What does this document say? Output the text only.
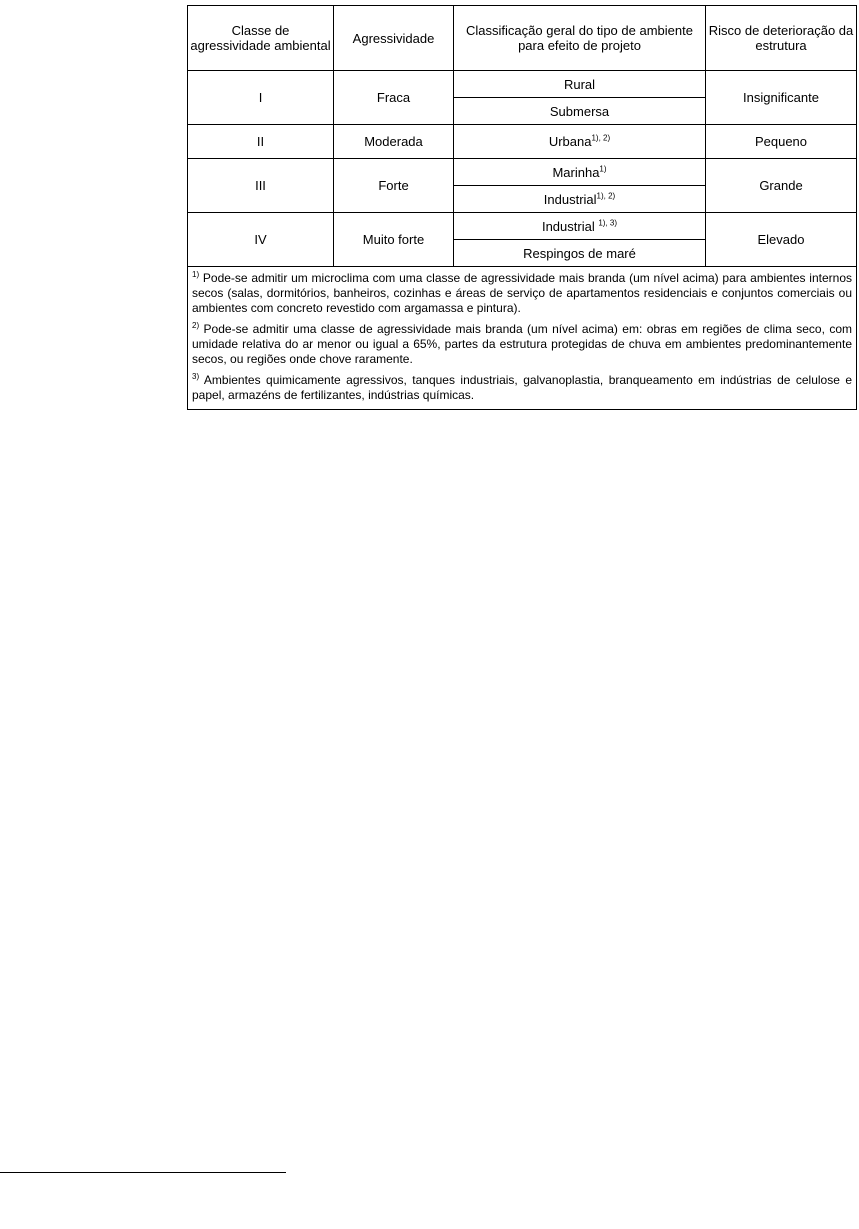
Classe de agressividade ambiental	Agressividade	Classificação geral do tipo de ambiente para efeito de projeto	Risco de deterioração da estrutura
I	Fraca	Rural	Insignificante
		Submersa	
II	Moderada	Urbana$^{1), 2)}$	Pequeno
III	Forte	Marinha$^{1)}$	Grande
		Industrial$^{1), 2)}$
IV	Muito forte	Industrial $^{1), 3)}$	Elevado
		Respingos de maré	

$^{1)}$ Pode-se admitir um microclima com uma classe de agressividade mais branda (um nível acima) para ambientes internos secos (salas, dormitórios, banheiros, cozinhas e áreas de serviço de apartamentos residenciais e conjuntos comerciais ou ambientes com concreto revestido com argamassa e pintura).

$^{2)}$ Pode-se admitir uma classe de agressividade mais branda (um nível acima) em: obras em regiões de clima seco, com umidade relativa do ar menor ou igual a 65%, partes da estrutura protegidas de chuva em ambientes predominantemente secos, ou regiões onde chove raramente.

$^{3)}$ Ambientes quimicamente agressivos, tanques industriais, galvanoplastia, branqueamento em indústrias de celulose e papel, armazéns de fertilizantes, indústrias químicas.			
